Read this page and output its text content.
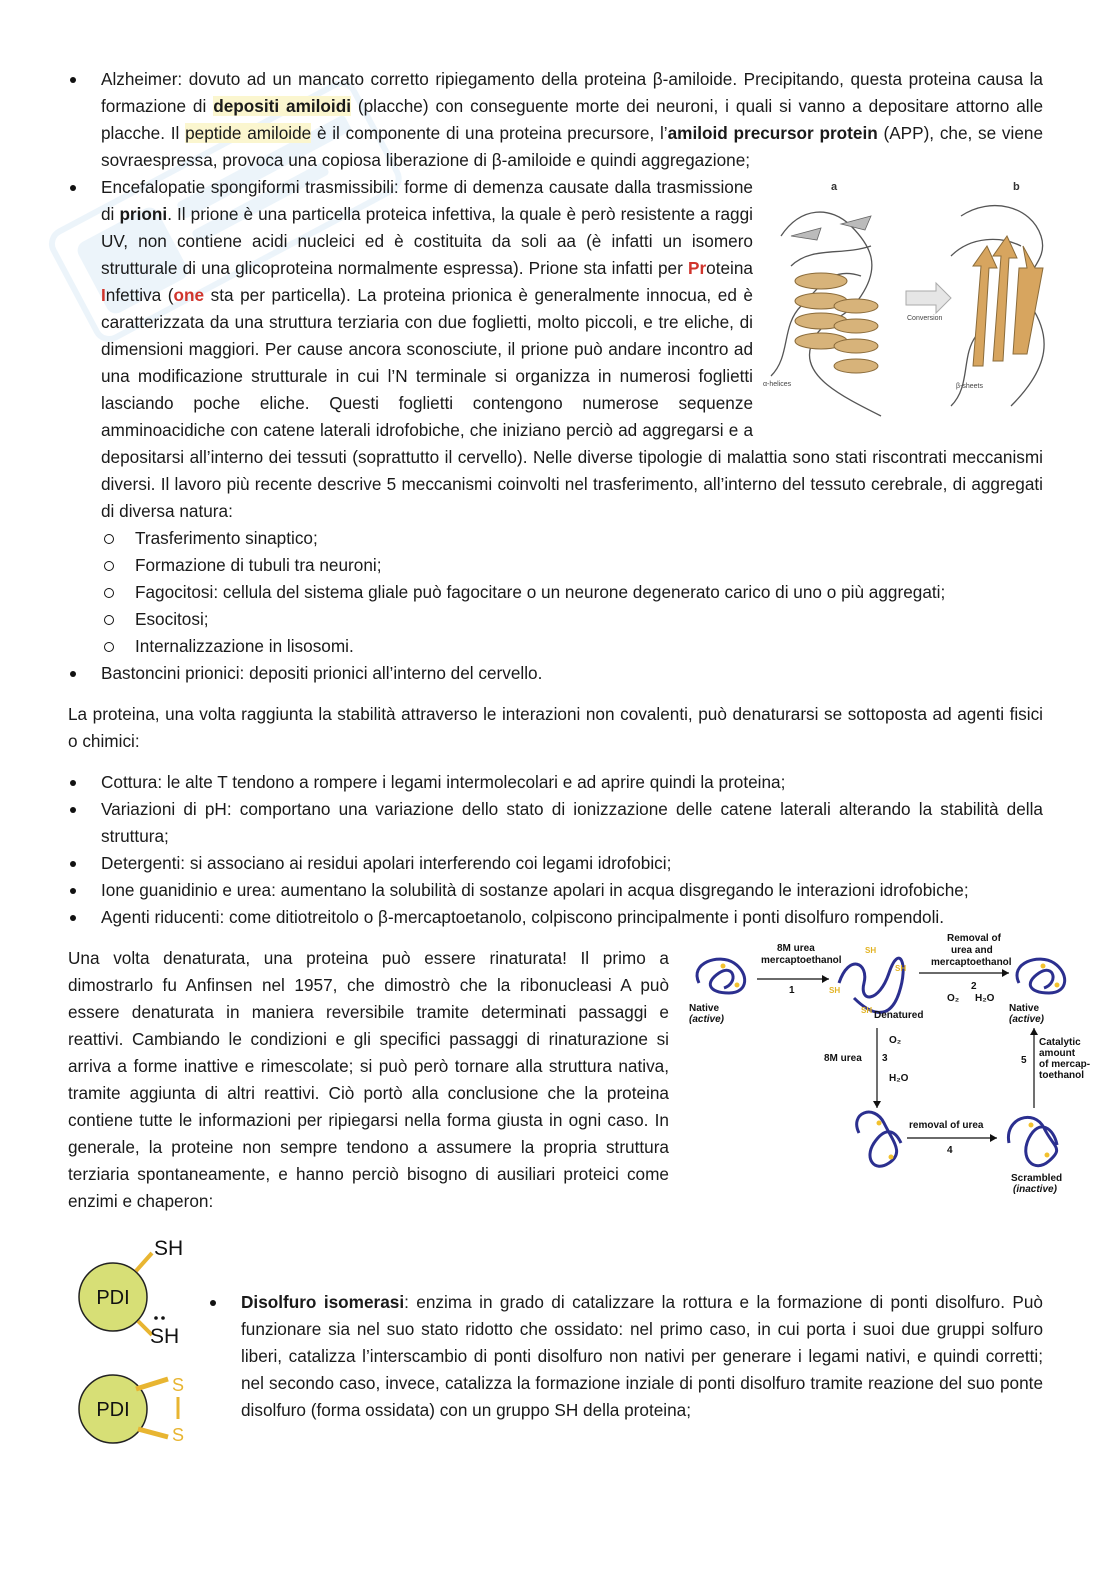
Alzheimer: dovuto ad un mancato corretto ripiegamento della proteina β-amiloide. Precipitando, questa proteina causa la formazione di depositi amiloidi (placche) con conseguente morte dei neuroni, i quali si vanno a depositare attorno alle placche. Il peptide amiloide è il componente di una proteina precursore, l’amiloid precursor protein (APP), che, se viene sovraespressa, provoca una copiosa liberazione di β-amiloide e quindi aggregazione;
a	b
α-helices
Conversion
β-sheets
Encefalopatie spongiformi trasmissibili: forme di demenza causate dalla trasmissione di prioni. Il prione è una particella proteica infettiva, la quale è però resistente a raggi UV, non contiene acidi nucleici ed è costituita da soli aa (è infatti un isomero strutturale di una glicoproteina normalmente espressa). Prione sta infatti per Proteina Infettiva (one sta per particella). La proteina prionica è generalmente innocua, ed è caratterizzata da una struttura terziaria con due foglietti, molto piccoli, e tre eliche, di dimensioni maggiori. Per cause ancora sconosciute, il prione può andare incontro ad una modificazione strutturale in cui l’N terminale si organizza in numerosi foglietti lasciando poche eliche. Questi foglietti contengono numerose sequenze amminoacidiche con catene laterali idrofobiche, che iniziano perciò ad aggregarsi e a depositarsi all’interno dei tessuti (soprattutto il cervello). Nelle diverse tipologie di malattia sono stati riscontrati meccanismi diversi. Il lavoro più recente descrive 5 meccanismi coinvolti nel trasferimento, all’interno del tessuto cerebrale, di aggregati di diversa natura:
Trasferimento sinaptico;
Formazione di tubuli tra neuroni;
Fagocitosi: cellula del sistema gliale può fagocitare o un neurone degenerato carico di uno o più aggregati;
Esocitosi;
Internalizzazione in lisosomi.
Bastoncini prionici: depositi prionici all’interno del cervello.

La proteina, una volta raggiunta la stabilità attraverso le interazioni non covalenti, può denaturarsi se sottoposta ad agenti fisici o chimici:

Cottura: le alte T tendono a rompere i legami intermolecolari e ad aprire quindi la proteina;
Variazioni di pH: comportano una variazione dello stato di ionizzazione delle catene laterali alterando la stabilità della struttura;
Detergenti: si associano ai residui apolari interferendo coi legami idrofobici;
Ione guanidinio e urea: aumentano la solubilità di sostanze apolari in acqua disgregando le interazioni idrofobiche;
Agenti riducenti: come ditiotreitolo o β-mercaptoetanolo, colpiscono principalmente i ponti disolfuro rompendoli.
Native
(active)
8M urea
mercaptoethanol
1
SH
SH
SH
SH Denatured
Removal of
urea and
mercaptoethanol
2
O₂ H₂O
Native
(active)
8M urea 3
O₂
H₂O
5
Catalytic
amount
of mercap-
toethanol
removal of urea
4
Scrambled
(inactive)

Una volta denaturata, una proteina può essere rinaturata! Il primo a dimostrarlo fu Anfinsen nel 1957, che dimostrò che la ribonucleasi A può essere denaturata in maniera reversibile tramite determinati passaggi e reattivi. Cambiando le condizioni e gli specifici passaggi di rinaturazione si arriva a forme inattive e rimescolate; si può però tornare alla struttura nativa, tramite aggiunta di altri reattivi. Ciò portò alla conclusione che la proteina contiene tutte le informazioni per ripiegarsi nella forma giusta in ogni caso. In generale, la proteine non sempre tendono a assumere la propria struttura terziaria spontaneamente, e hanno perciò bisogno di ausiliari proteici come enzimi e chaperon:

PDI
SH
SH
PDI
S
S
Disolfuro isomerasi: enzima in grado di catalizzare la rottura e la formazione di ponti disolfuro. Può funzionare sia nel suo stato ridotto che ossidato: nel primo caso, in cui porta i suoi due gruppi solfuro liberi, catalizza l’interscambio di ponti disolfuro non nativi per generare i legami nativi, e quindi corretti; nel secondo caso, invece, catalizza la formazione inziale di ponti disolfuro tramite reazione del suo ponte disolfuro (forma ossidata) con un gruppo SH della proteina;
